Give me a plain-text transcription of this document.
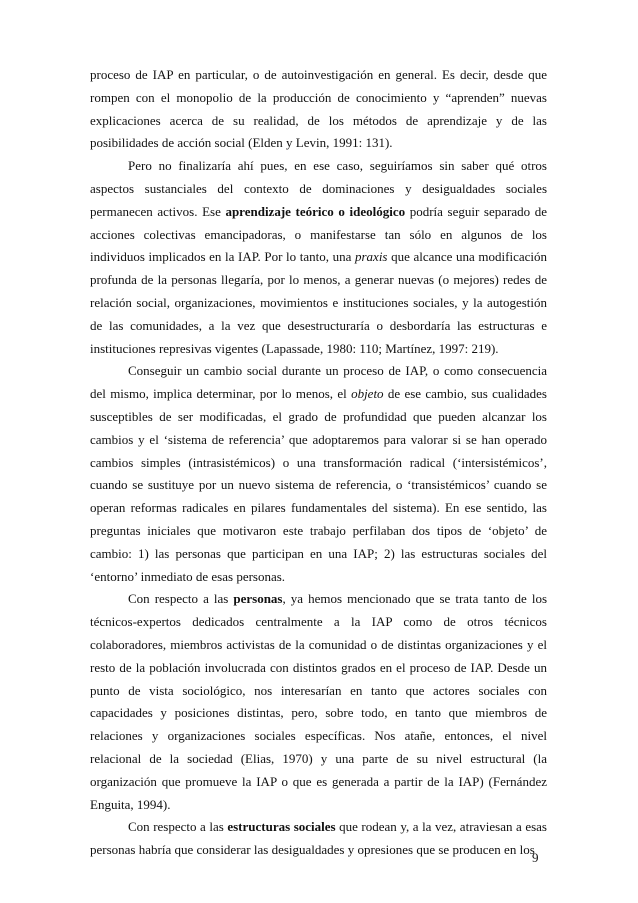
proceso de IAP en particular, o de autoinvestigación en general. Es decir, desde que rompen con el monopolio de la producción de conocimiento y “aprenden” nuevas explicaciones acerca de su realidad, de los métodos de aprendizaje y de las posibilidades de acción social (Elden y Levin, 1991: 131).

Pero no finalizaría ahí pues, en ese caso, seguiríamos sin saber qué otros aspectos sustanciales del contexto de dominaciones y desigualdades sociales permanecen activos. Ese aprendizaje teórico o ideológico podría seguir separado de acciones colectivas emancipadoras, o manifestarse tan sólo en algunos de los individuos implicados en la IAP. Por lo tanto, una praxis que alcance una modificación profunda de la personas llegaría, por lo menos, a generar nuevas (o mejores) redes de relación social, organizaciones, movimientos e instituciones sociales, y la autogestión de las comunidades, a la vez que desestructuraría o desbordaría las estructuras e instituciones represivas vigentes (Lapassade, 1980: 110; Martínez, 1997: 219).

Conseguir un cambio social durante un proceso de IAP, o como consecuencia del mismo, implica determinar, por lo menos, el objeto de ese cambio, sus cualidades susceptibles de ser modificadas, el grado de profundidad que pueden alcanzar los cambios y el ‘sistema de referencia’ que adoptaremos para valorar si se han operado cambios simples (intrasistémicos) o una transformación radical (‘intersistémicos’, cuando se sustituye por un nuevo sistema de referencia, o ‘transistémicos’ cuando se operan reformas radicales en pilares fundamentales del sistema). En ese sentido, las preguntas iniciales que motivaron este trabajo perfilaban dos tipos de ‘objeto’ de cambio: 1) las personas que participan en una IAP; 2) las estructuras sociales del ‘entorno’ inmediato de esas personas.

Con respecto a las personas, ya hemos mencionado que se trata tanto de los técnicos-expertos dedicados centralmente a la IAP como de otros técnicos colaboradores, miembros activistas de la comunidad o de distintas organizaciones y el resto de la población involucrada con distintos grados en el proceso de IAP. Desde un punto de vista sociológico, nos interesarían en tanto que actores sociales con capacidades y posiciones distintas, pero, sobre todo, en tanto que miembros de relaciones y organizaciones sociales específicas. Nos atañe, entonces, el nivel relacional de la sociedad (Elias, 1970) y una parte de su nivel estructural (la organización que promueve la IAP o que es generada a partir de la IAP) (Fernández Enguita, 1994).

Con respecto a las estructuras sociales que rodean y, a la vez, atraviesan a esas personas habría que considerar las desigualdades y opresiones que se producen en los

9
